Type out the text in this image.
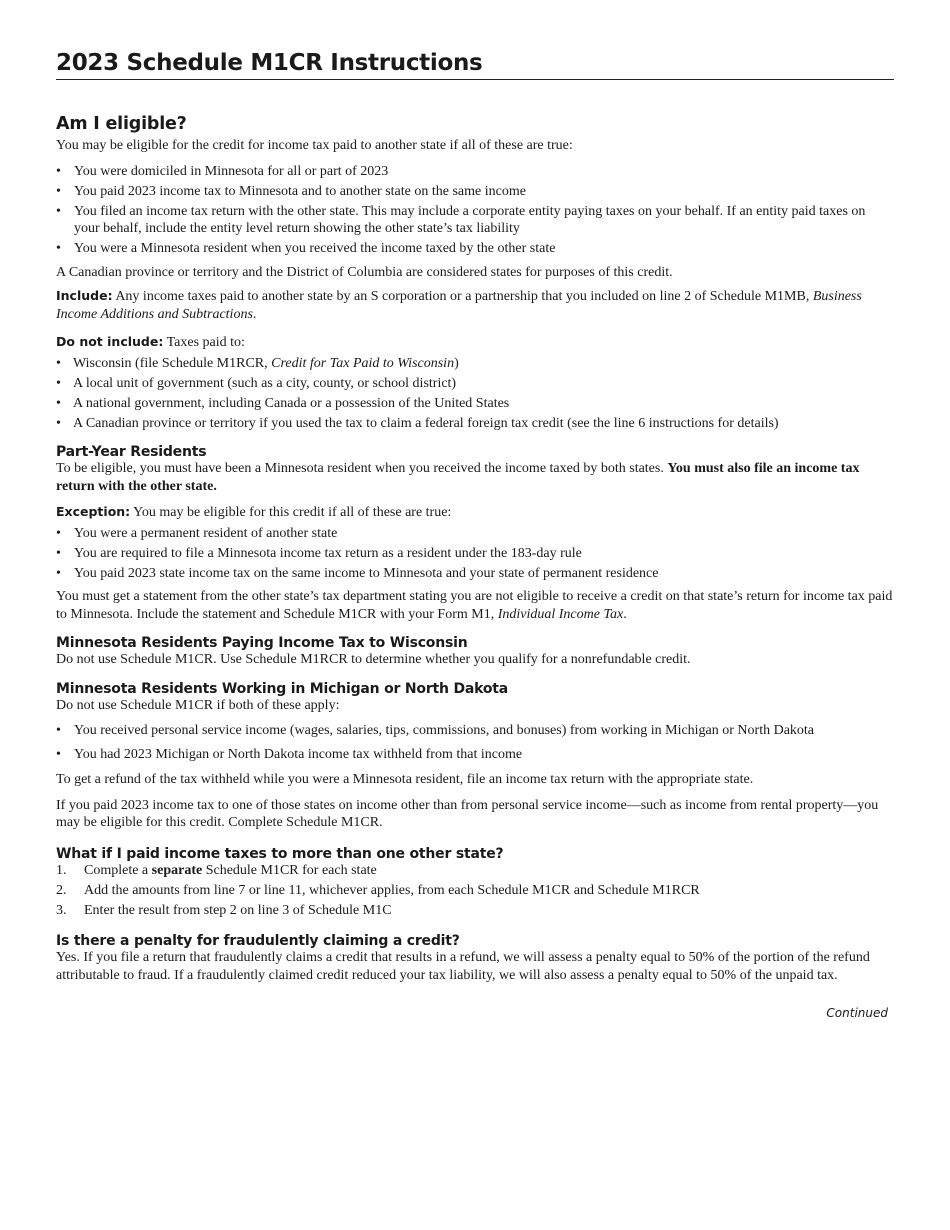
2023 Schedule M1CR Instructions
Am I eligible?

You may be eligible for the credit for income tax paid to another state if all of these are true:

• You were domiciled in Minnesota for all or part of 2023
• You paid 2023 income tax to Minnesota and to another state on the same income
• You filed an income tax return with the other state. This may include a corporate entity paying taxes on your behalf. If an entity paid taxes on your behalf, include the entity level return showing the other state’s tax liability
• You were a Minnesota resident when you received the income taxed by the other state

A Canadian province or territory and the District of Columbia are considered states for purposes of this credit.

Include: Any income taxes paid to another state by an S corporation or a partnership that you included on line 2 of Schedule M1MB, Business Income Additions and Subtractions.

Do not include: Taxes paid to:

• Wisconsin (file Schedule M1RCR, Credit for Tax Paid to Wisconsin)
• A local unit of government (such as a city, county, or school district)
• A national government, including Canada or a possession of the United States
• A Canadian province or territory if you used the tax to claim a federal foreign tax credit (see the line 6 instructions for details)
Part-Year Residents

To be eligible, you must have been a Minnesota resident when you received the income taxed by both states. You must also file an income tax return with the other state.

Exception: You may be eligible for this credit if all of these are true:

• You were a permanent resident of another state
• You are required to file a Minnesota income tax return as a resident under the 183-day rule
• You paid 2023 state income tax on the same income to Minnesota and your state of permanent residence

You must get a statement from the other state’s tax department stating you are not eligible to receive a credit on that state’s return for income tax paid to Minnesota. Include the statement and Schedule M1CR with your Form M1, Individual Income Tax.

Minnesota Residents Paying Income Tax to Wisconsin

Do not use Schedule M1CR. Use Schedule M1RCR to determine whether you qualify for a nonrefundable credit.

Minnesota Residents Working in Michigan or North Dakota

Do not use Schedule M1CR if both of these apply:

• You received personal service income (wages, salaries, tips, commissions, and bonuses) from working in Michigan or North Dakota
• You had 2023 Michigan or North Dakota income tax withheld from that income

To get a refund of the tax withheld while you were a Minnesota resident, file an income tax return with the appropriate state.

If you paid 2023 income tax to one of those states on income other than from personal service income—such as income from rental property—you may be eligible for this credit. Complete Schedule M1CR.

What if I paid income taxes to more than one other state?
1. Complete a separate Schedule M1CR for each state
2. Add the amounts from line 7 or line 11, whichever applies, from each Schedule M1CR and Schedule M1RCR
3. Enter the result from step 2 on line 3 of Schedule M1C
Is there a penalty for fraudulently claiming a credit?

Yes. If you file a return that fraudulently claims a credit that results in a refund, we will assess a penalty equal to 50% of the portion of the refund attributable to fraud. If a fraudulently claimed credit reduced your tax liability, we will also assess a penalty equal to 50% of the unpaid tax.

Continued
